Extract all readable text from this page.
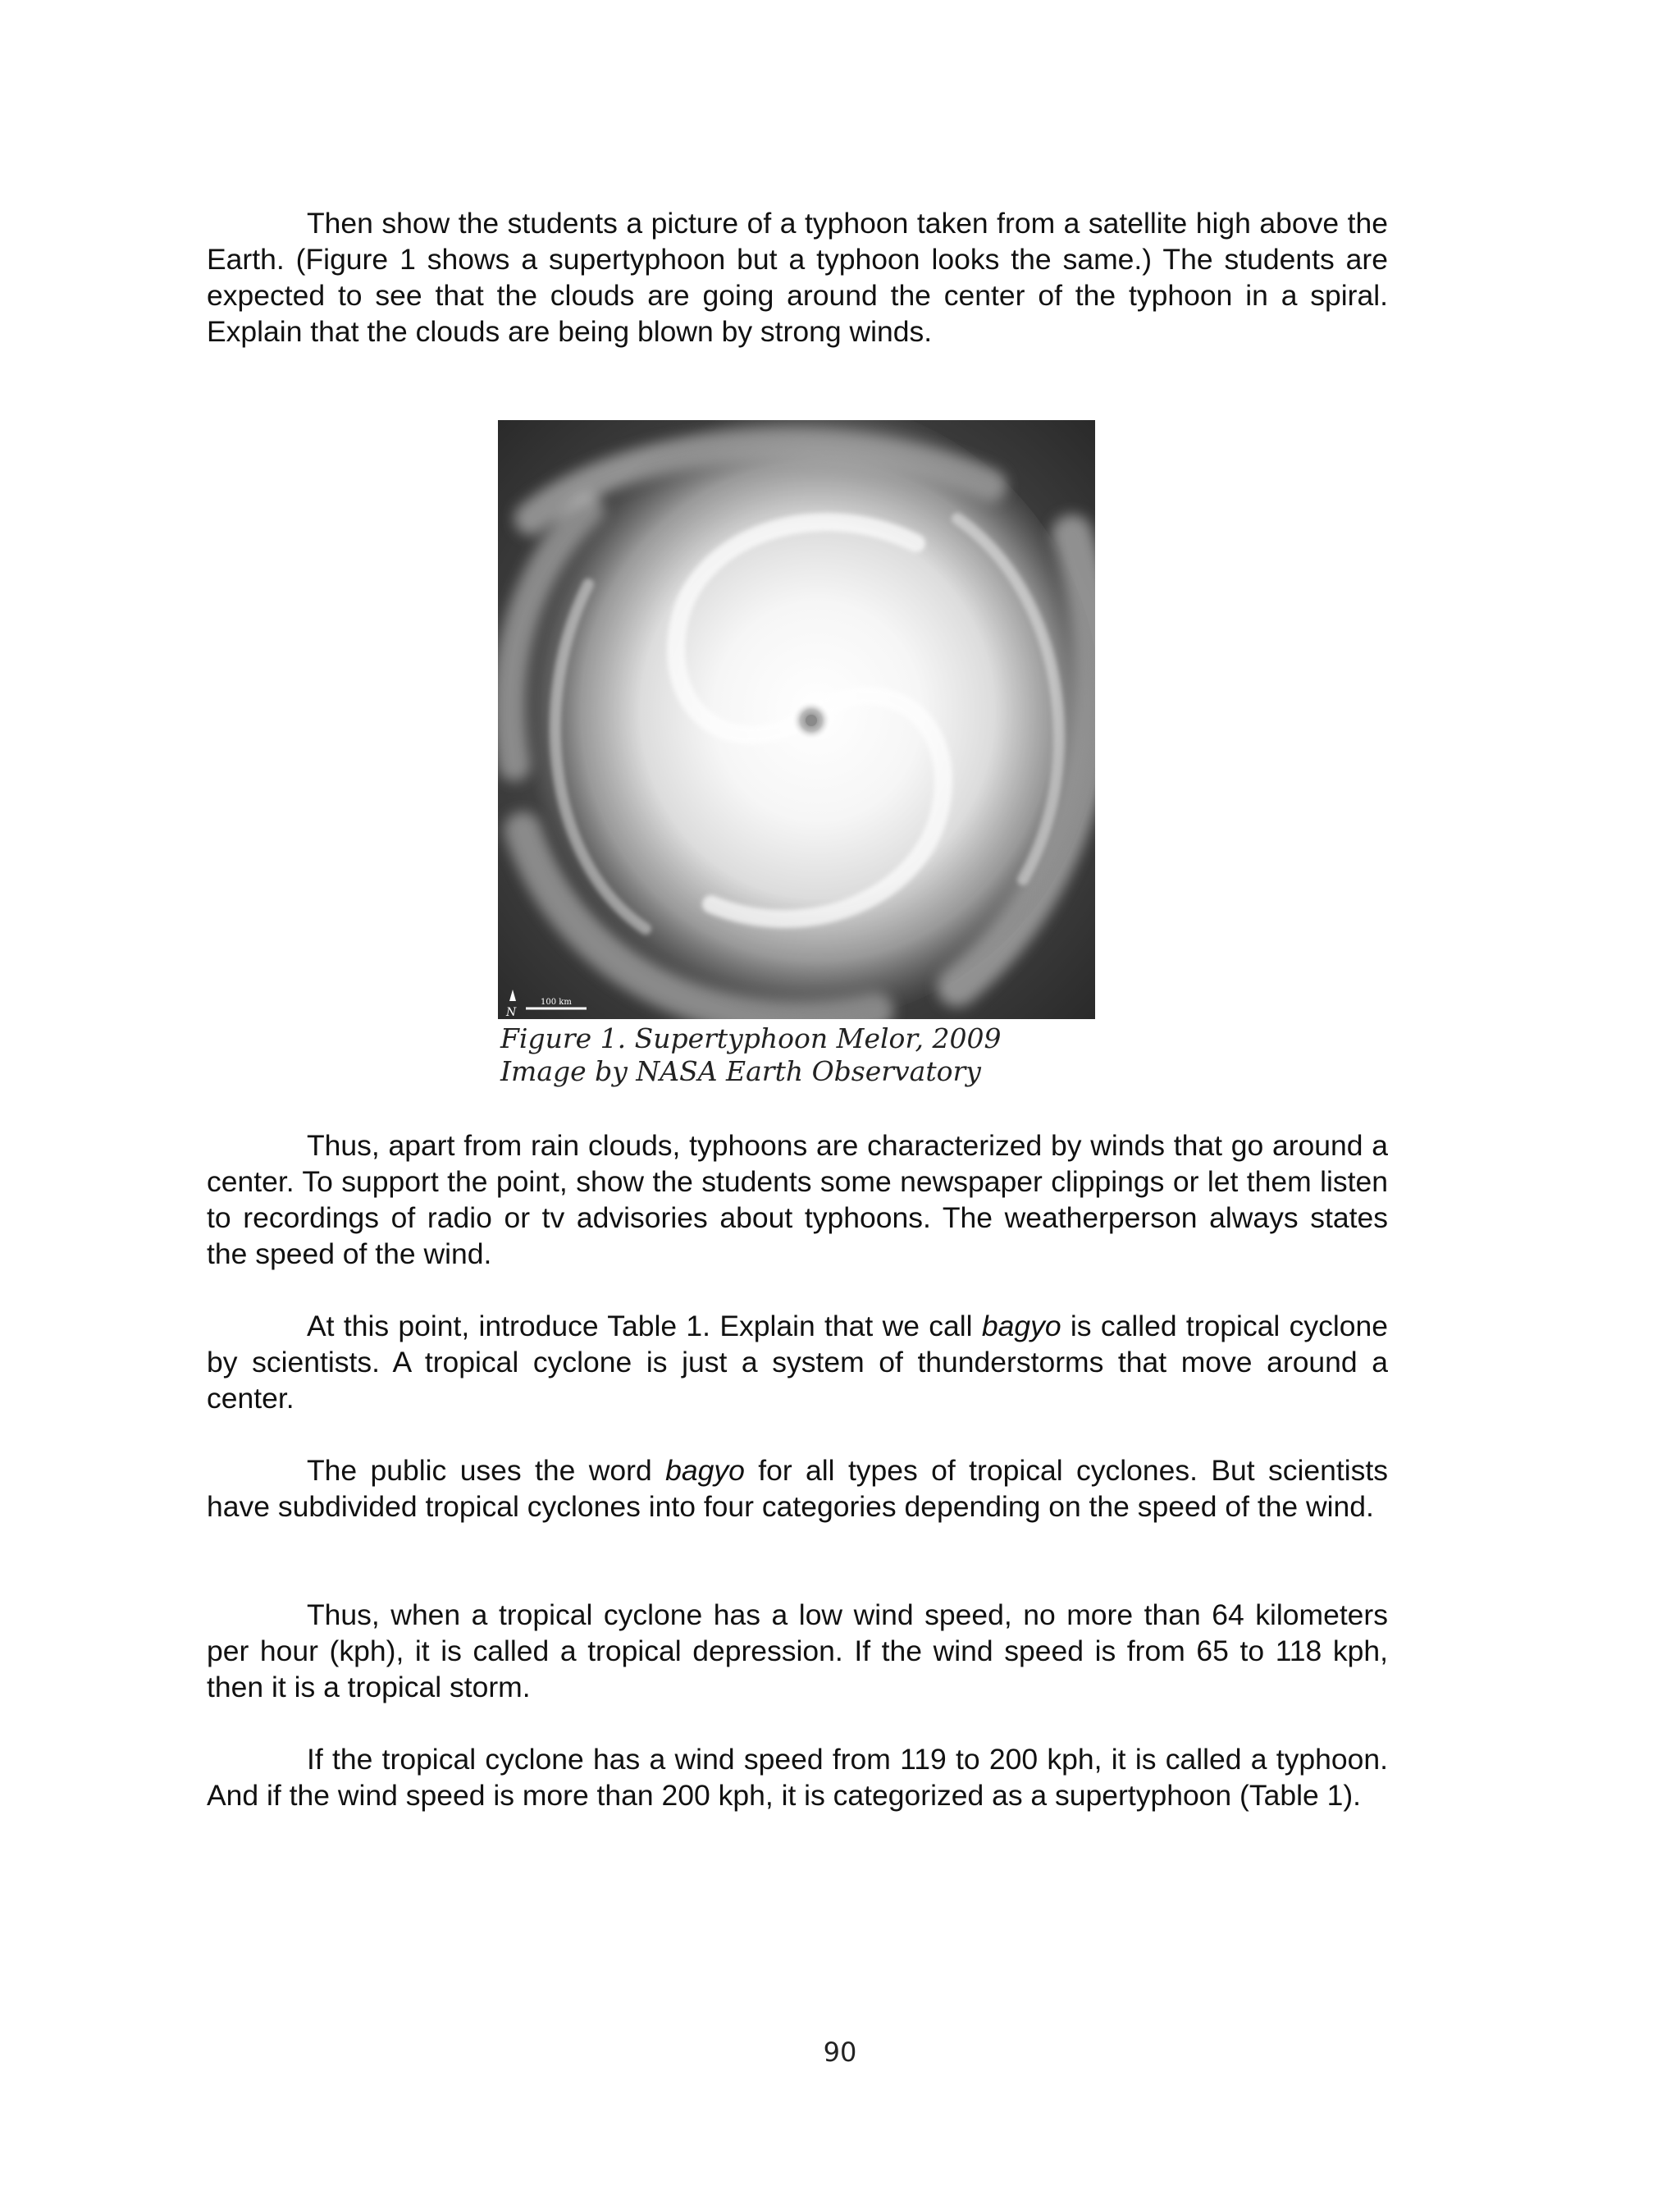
Then show the students a picture of a typhoon taken from a satellite high above the Earth. (Figure 1 shows a supertyphoon but a typhoon looks the same.) The students are expected to see that the clouds are going around the center of the typhoon in a spiral. Explain that the clouds are being blown by strong winds.

N
100 km

Figure 1. Supertyphoon Melor, 2009

Image by NASA Earth Observatory

Thus, apart from rain clouds, typhoons are characterized by winds that go around a center. To support the point, show the students some newspaper clippings or let them listen to recordings of radio or tv advisories about typhoons. The weatherperson always states the speed of the wind.

At this point, introduce Table 1. Explain that we call bagyo is called tropical cyclone by scientists. A tropical cyclone is just a system of thunderstorms that move around a center.

The public uses the word bagyo for all types of tropical cyclones. But scientists have subdivided tropical cyclones into four categories depending on the speed of the wind.

Thus, when a tropical cyclone has a low wind speed, no more than 64 kilometers per hour (kph), it is called a tropical depression. If the wind speed is from 65 to 118 kph, then it is a tropical storm.

If the tropical cyclone has a wind speed from 119 to 200 kph, it is called a typhoon. And if the wind speed is more than 200 kph, it is categorized as a supertyphoon (Table 1).

90
